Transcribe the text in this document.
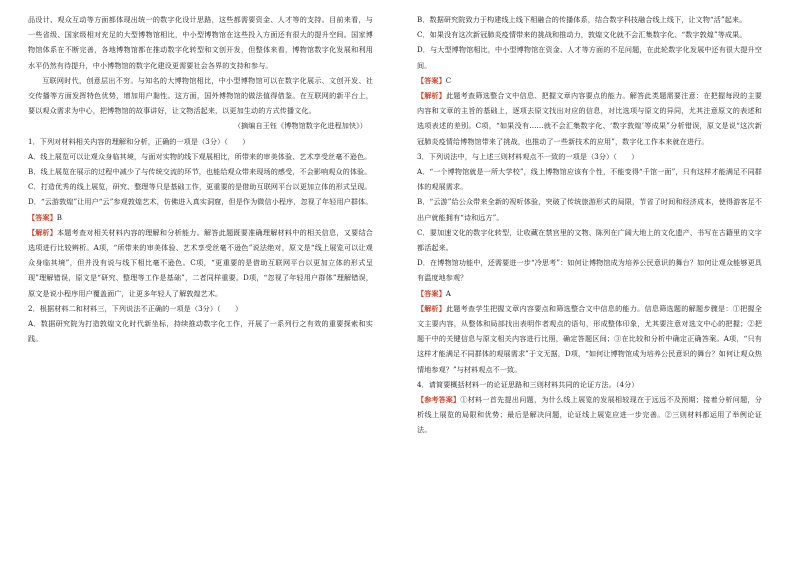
品设计、观众互动等方面都体现出统一的数字化设计思路，这些都需要资金、人才等的支持。目前来看，与一些省级、国家级相对充足的大型博物馆相比，中小型博物馆在这些投入方面还有很大的提升空间。国家博物馆体系在不断完善，各地博物馆都在推动数字化转型和文创开发，但整体来看，博物馆数字化发展和利用水平仍然有待提升，中小博物馆的数字化建设更需要社会各界的支持和参与。

互联网时代，创意层出不穷。与知名的大博物馆相比，中小型博物馆可以在数字化展示、文创开发、社交传播等方面发挥特色优势，增加用户黏性。这方面，国外博物馆的做法值得借鉴。在互联网的新平台上，要以观众需求为中心，把博物馆的故事讲好，让文物活起来，以更加生动的方式传播文化。

（摘编自王钰《博物馆数字化进程加快》）

1．下列对材料相关内容的理解和分析，正确的一项是（3分）（　　）

A．线上展览可以让观众身临其境，与面对实物的线下观展相比，所带来的审美体验、艺术享受丝毫不逊色。

B．线上展览在展示的过程中减少了与传统交流的环节，也能给观众带来现场的感受，不会影响观众的体验。

C．打造优秀的线上展览，研究、整理等只是基础工作，更重要的是借助互联网平台以更加立体的形式呈现。

D．“云游敦煌”让用户“云”参观敦煌艺术，仿佛进入真实洞窟，但是作为微信小程序，忽视了年轻用户群体。

【答案】B

【解析】本题考查对相关材料内容的理解和分析能力。解答此题既要准确理解材料中的相关信息，又要结合选项进行比较辨析。A项，“所带来的审美体验、艺术享受丝毫不逊色”说法绝对，原文是“线上展览可以让观众身临其境”，但并没有说与线下相比毫不逊色。C项，“更重要的是借助互联网平台以更加立体的形式呈现”理解错误，原文是“研究、整理等工作是基础”，二者同样重要。D项，“忽视了年轻用户群体”理解错误，原文是说小程序用户覆盖面广，让更多年轻人了解敦煌艺术。

2．根据材料二和材料三，下列说法不正确的一项是（3分）（　　）

A．数据研究院为打造敦煌文化时代新坐标，持续推动数字化工作，开展了一系列行之有效的重要探索和实践。

B．数据研究院致力于构建线上线下相融合的传播体系，结合数字科技融合线上线下，让文物“活”起来。

C．如果没有这次新冠肺炎疫情带来的挑战和推动力，敦煌文化就不会汇集数字化、“数字敦煌”等成果。

D．与大型博物馆相比，中小型博物馆在资金、人才等方面的不足问题，在此轮数字化发展中还有很大提升空间。

【答案】C

【解析】此题考查筛选整合文中信息、把握文章内容要点的能力。解答此类题需要注意：在把握每段的主要内容和文章的主旨的基础上，逐项去原文找出对应的信息，对比选项与原文的异同，尤其注意原文的表述和选项表述的差别。C项，“如果没有……就不会汇集数字化、‘数字敦煌’等成果”分析错误，原文是说“这次新冠肺炎疫情给博物馆带来了挑战，也推动了一些新技术的应用”，数字化工作本来就在进行。

3．下列说法中，与上述三则材料观点不一致的一项是（3分）（　　）

A．“一个博物馆就是一所大学校”，线上博物馆应该有个性，不能变得“千馆一面”，只有这样才能满足不同群体的观展需求。

B．“云游”给公众带来全新的视听体验，突破了传统旅游形式的局限，节省了时间和经济成本，使得游客足不出户就能拥有“诗和远方”。

C．要加速文化的数字化转型，让收藏在禁宫里的文物、陈列在广阔大地上的文化遗产、书写在古籍里的文字都活起来。

D．在博物馆功能中，还需要进一步“冷思考”：如何让博物馆成为培养公民意识的舞台？如何让观众能够更具有温度地参观？

【答案】A

【解析】此题考查学生把握文章内容要点和筛选整合文中信息的能力。信息筛选题的解题步骤是：①把握全文主要内容，从整体和局部找出表明作者观点的语句，形成整体印象，尤其要注意对选文中心的把握；②把题干中的关键信息与原文相关内容进行比照，确定答题区间；③在比较和分析中确定正确答案。A项，“只有这样才能满足不同群体的观展需求”于文无据，D项，“如何让博物馆成为培养公民意识的舞台？如何让观众热情地参观？”与材料观点不一致。

4．请简要概括材料一的论证思路和三则材料共同的论证方法。（4分）

【参考答案】①材料一首先提出问题，为什么线上展览的发展相较现在于远远不及预期；接着分析问题，分析线上展览的局限和优势；最后是解决问题，论证线上展览应进一步完善。②三则材料都运用了举例论证法。
